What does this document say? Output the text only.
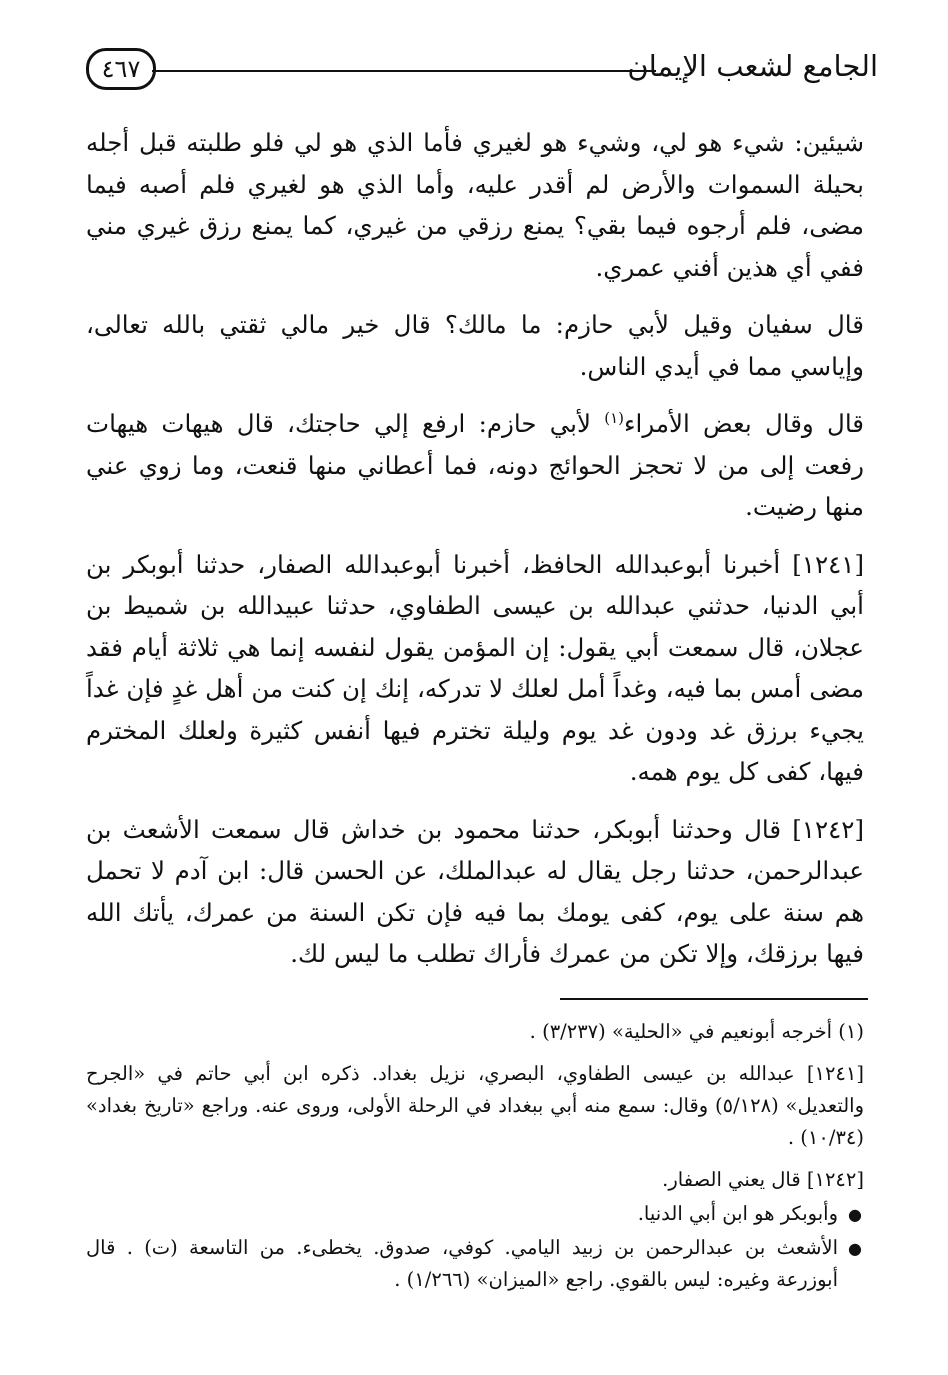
الجامع لشعب الإيمان
٤٦٧

شيئين: شيء هو لي، وشيء هو لغيري فأما الذي هو لي فلو طلبته قبل أجله بحيلة السموات والأرض لم أقدر عليه، وأما الذي هو لغيري فلم أصبه فيما مضى، فلم أرجوه فيما بقي؟ يمنع رزقي من غيري، كما يمنع رزق غيري مني ففي أي هذين أفني عمري.

قال سفيان وقيل لأبي حازم: ما مالك؟ قال خير مالي ثقتي بالله تعالى، وإياسي مما في أيدي الناس.

قال وقال بعض الأمراء$^{(١)}$ لأبي حازم: ارفع إلي حاجتك، قال هيهات هيهات رفعت إلى من لا تحجز الحوائج دونه، فما أعطاني منها قنعت، وما زوي عني منها رضيت.

[١٢٤١] أخبرنا أبوعبدالله الحافظ، أخبرنا أبوعبدالله الصفار، حدثنا أبوبكر بن أبي الدنيا، حدثني عبدالله بن عيسى الطفاوي، حدثنا عبيدالله بن شميط بن عجلان، قال سمعت أبي يقول: إن المؤمن يقول لنفسه إنما هي ثلاثة أيام فقد مضى أمس بما فيه، وغداً أمل لعلك لا تدركه، إنك إن كنت من أهل غدٍ فإن غداً يجيء برزق غد ودون غد يوم وليلة تخترم فيها أنفس كثيرة ولعلك المخترم فيها، كفى كل يوم همه.

[١٢٤٢] قال وحدثنا أبوبكر، حدثنا محمود بن خداش قال سمعت الأشعث بن عبدالرحمن، حدثنا رجل يقال له عبدالملك، عن الحسن قال: ابن آدم لا تحمل هم سنة على يوم، كفى يومك بما فيه فإن تكن السنة من عمرك، يأتك الله فيها برزقك، وإلا تكن من عمرك فأراك تطلب ما ليس لك.

(١) أخرجه أبونعيم في «الحلية» (٣/٢٣٧) .

[١٢٤١] عبدالله بن عيسى الطفاوي، البصري، نزيل بغداد. ذكره ابن أبي حاتم في «الجرح والتعديل» (٥/١٢٨) وقال: سمع منه أبي ببغداد في الرحلة الأولى، وروى عنه. وراجع «تاريخ بغداد» (١٠/٣٤) .

[١٢٤٢] قال يعني الصفار.

●
وأبوبكر هو ابن أبي الدنيا.

●
الأشعث بن عبدالرحمن بن زبيد اليامي. كوفي، صدوق. يخطىء. من التاسعة (ت) . قال أبوزرعة وغيره: ليس بالقوي. راجع «الميزان» (١/٢٦٦) .
